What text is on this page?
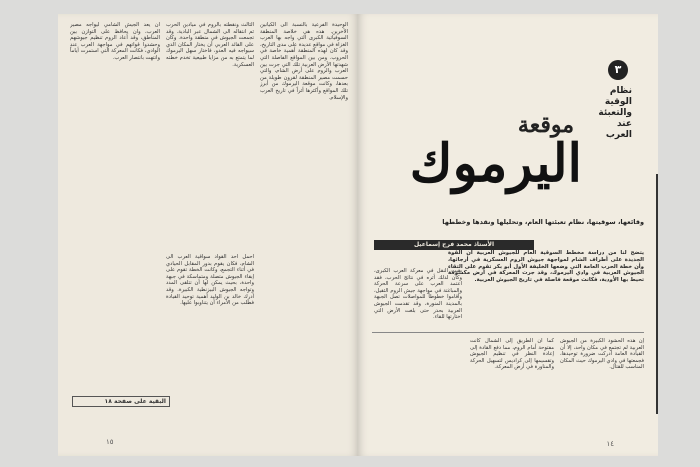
الوحيدة الفرعية بالنسبة الى الكيانين الأخرين. هذه هي خلاصة المنطقة السوفياتية الكبرى التي واجه بها العرب الغزاة في مواقع عديدة على مدى التاريخ، وقد كان لهذه المنطقة أهمية خاصة في الحروب. ومن بين المواقع الفاصلة التي شهدتها الأرض العربية تلك التي جرت بين العرب والروم على أرض الشام، والتي حسمت مصير المنطقة لقرون طويلة من بعدها، وكانت موقعة اليرموك من أبرز تلك المواقع وأكثرها أثراً في تاريخ العرب والإسلام.

الثالث ونقطته بالروم في ميادين الحرب ثم انتقاله الى الشمال عبر البادية. وقد تجمعت الجيوش في منطقة واحدة. وكان على القائد العربي أن يختار المكان الذي سيواجه فيه العدو، فاختار سهل اليرموك لما يتمتع به من مزايا طبيعية تخدم خطته العسكرية.

أحمل أحد القواد سواقية العرب الى الشام، فكان يقوم بدور المقابل الحيادي في أثناء التجمع، وكانت الخطة تقوم على إبقاء الجيوش متصلة ومتماسكة في جبهة واحدة، بحيث يمكن لها أن تتلقى المدد وتواجه الجيوش البيزنطية الكبيرة. وقد أدرك خالد بن الوليد أهمية توحيد القيادة فطلب من الأمراء أن يتناوبوا عليها.

ان يعد الجيش الشامي ليواجه مصير العرب، وان يحافظ على التوازن بين المناطق، وقد أعاد الروم تنظيم جيوشهم وحشدوا قواتهم في مواجهة العرب عند الوادي، فكانت المعركة التي استمرت أياماً وانتهت بانتصار العرب.

البقية على صفحة ١٨
١٥
٣
نظام الوقية والتعبئة عند العرب
موقعة
اليرموك
وقائعها، سوقيتها، نظام تعبئتها العام، وتحليلها ونقدها وخططها
الأستاذ محمد فرج إسماعيل
يتضح لنا من دراسة مخطط السوقية العام للجيوش العربية أن القوة الجديدة على أطراف الشام لمواجهة جيوش الروم العسكرية في أرجائها، وأن خطة الحرب العامة التي وضعها الخليفة الأول أبو بكر تقوم على التقاء الجيوش العربية في وادي اليرموك، وقد جرت المعركة في أرض مكشوفة تحيط بها الأودية، فكانت موقعة فاصلة في تاريخ الجيوش العربية.

إن هذه الحشود الكبيرة من الجيوش العربية لم تجتمع في مكان واحد، إلا أن القيادة العامة أدركت ضرورة توحيدها، فجمعتها في وادي اليرموك حيث المكان المناسب للقتال.

كما أن الطريق إلى الشمال كانت مفتوحة أمام الروم، مما دفع القادة إلى إعادة النظر في تنظيم الجيوش وتقسيمها إلى كراديس لتسهيل الحركة والمناورة في أرض المعركة.

بقيت النقل في معركة العرب الكبرى، وكان لذلك أثره في نتائج الحرب، فقد اعتمد العرب على سرعة الحركة والمباغتة في مواجهة جيش الروم الثقيل، وأقاموا خطوطاً للمواصلات تصل الجبهة بالمدينة المنورة، وقد تقدمت الجيوش العربية بحذر حتى بلغت الأرض التي اختارتها للقاء.

١٤
